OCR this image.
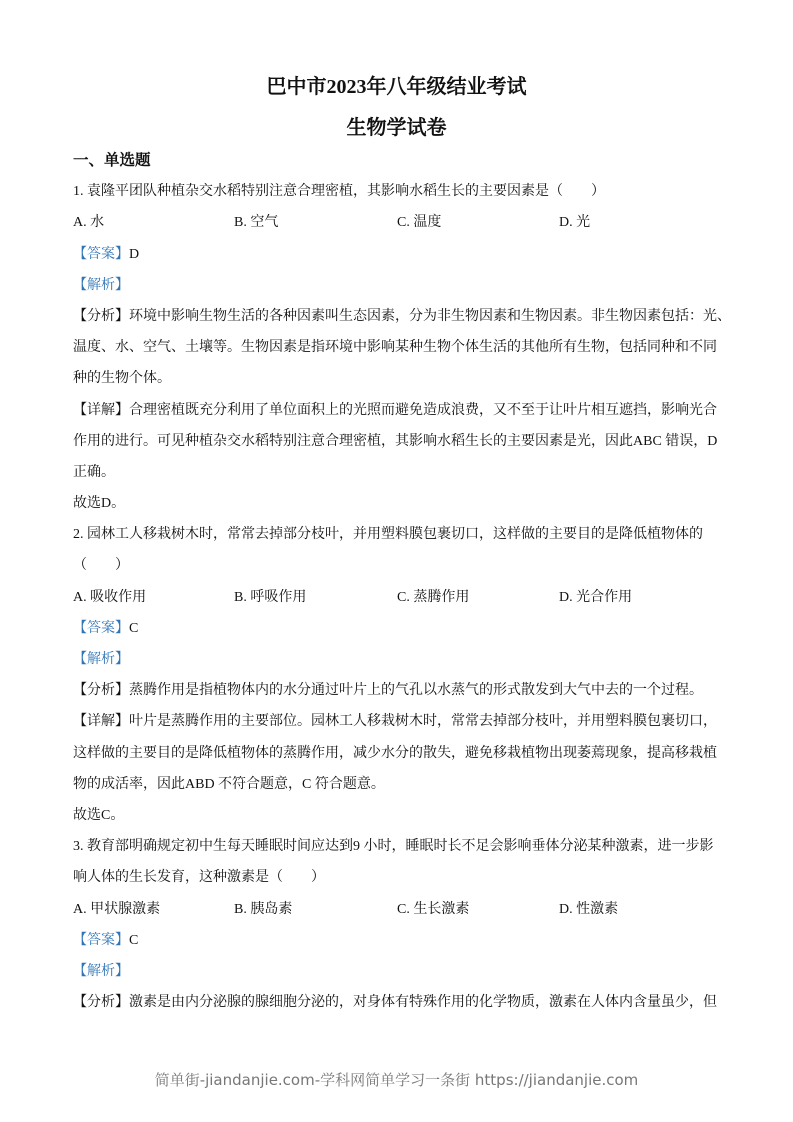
巴中市2023年八年级结业考试
生物学试卷
一、单选题
1. 袁隆平团队种植杂交水稻特别注意合理密植，其影响水稻生长的主要因素是（　　）
A. 水	B. 空气	C. 温度	D. 光
【答案】D
【解析】
【分析】环境中影响生物生活的各种因素叫生态因素，分为非生物因素和生物因素。非生物因素包括：光、
温度、水、空气、土壤等。生物因素是指环境中影响某种生物个体生活的其他所有生物，包括同种和不同
种的生物个体。
【详解】合理密植既充分利用了单位面积上的光照而避免造成浪费，又不至于让叶片相互遮挡，影响光合
作用的进行。可见种植杂交水稻特别注意合理密植，其影响水稻生长的主要因素是光，因此ABC 错误，D
正确。
故选D。
2. 园林工人移栽树木时，常常去掉部分枝叶，并用塑料膜包裹切口，这样做的主要目的是降低植物体的
（　　）
A. 吸收作用	B. 呼吸作用	C. 蒸腾作用	D. 光合作用
【答案】C
【解析】
【分析】蒸腾作用是指植物体内的水分通过叶片上的气孔以水蒸气的形式散发到大气中去的一个过程。
【详解】叶片是蒸腾作用的主要部位。园林工人移栽树木时，常常去掉部分枝叶，并用塑料膜包裹切口，
这样做的主要目的是降低植物体的蒸腾作用，减少水分的散失，避免移栽植物出现萎蔫现象，提高移栽植
物的成活率，因此ABD 不符合题意，C 符合题意。
故选C。
3. 教育部明确规定初中生每天睡眠时间应达到9 小时，睡眠时长不足会影响垂体分泌某种激素，进一步影
响人体的生长发育，这种激素是（　　）
A. 甲状腺激素	B. 胰岛素	C. 生长激素	D. 性激素
【答案】C
【解析】
【分析】激素是由内分泌腺的腺细胞分泌的，对身体有特殊作用的化学物质，激素在人体内含量虽少，但
简单街-jiandanjie.com-学科网简单学习一条街 https://jiandanjie.com
